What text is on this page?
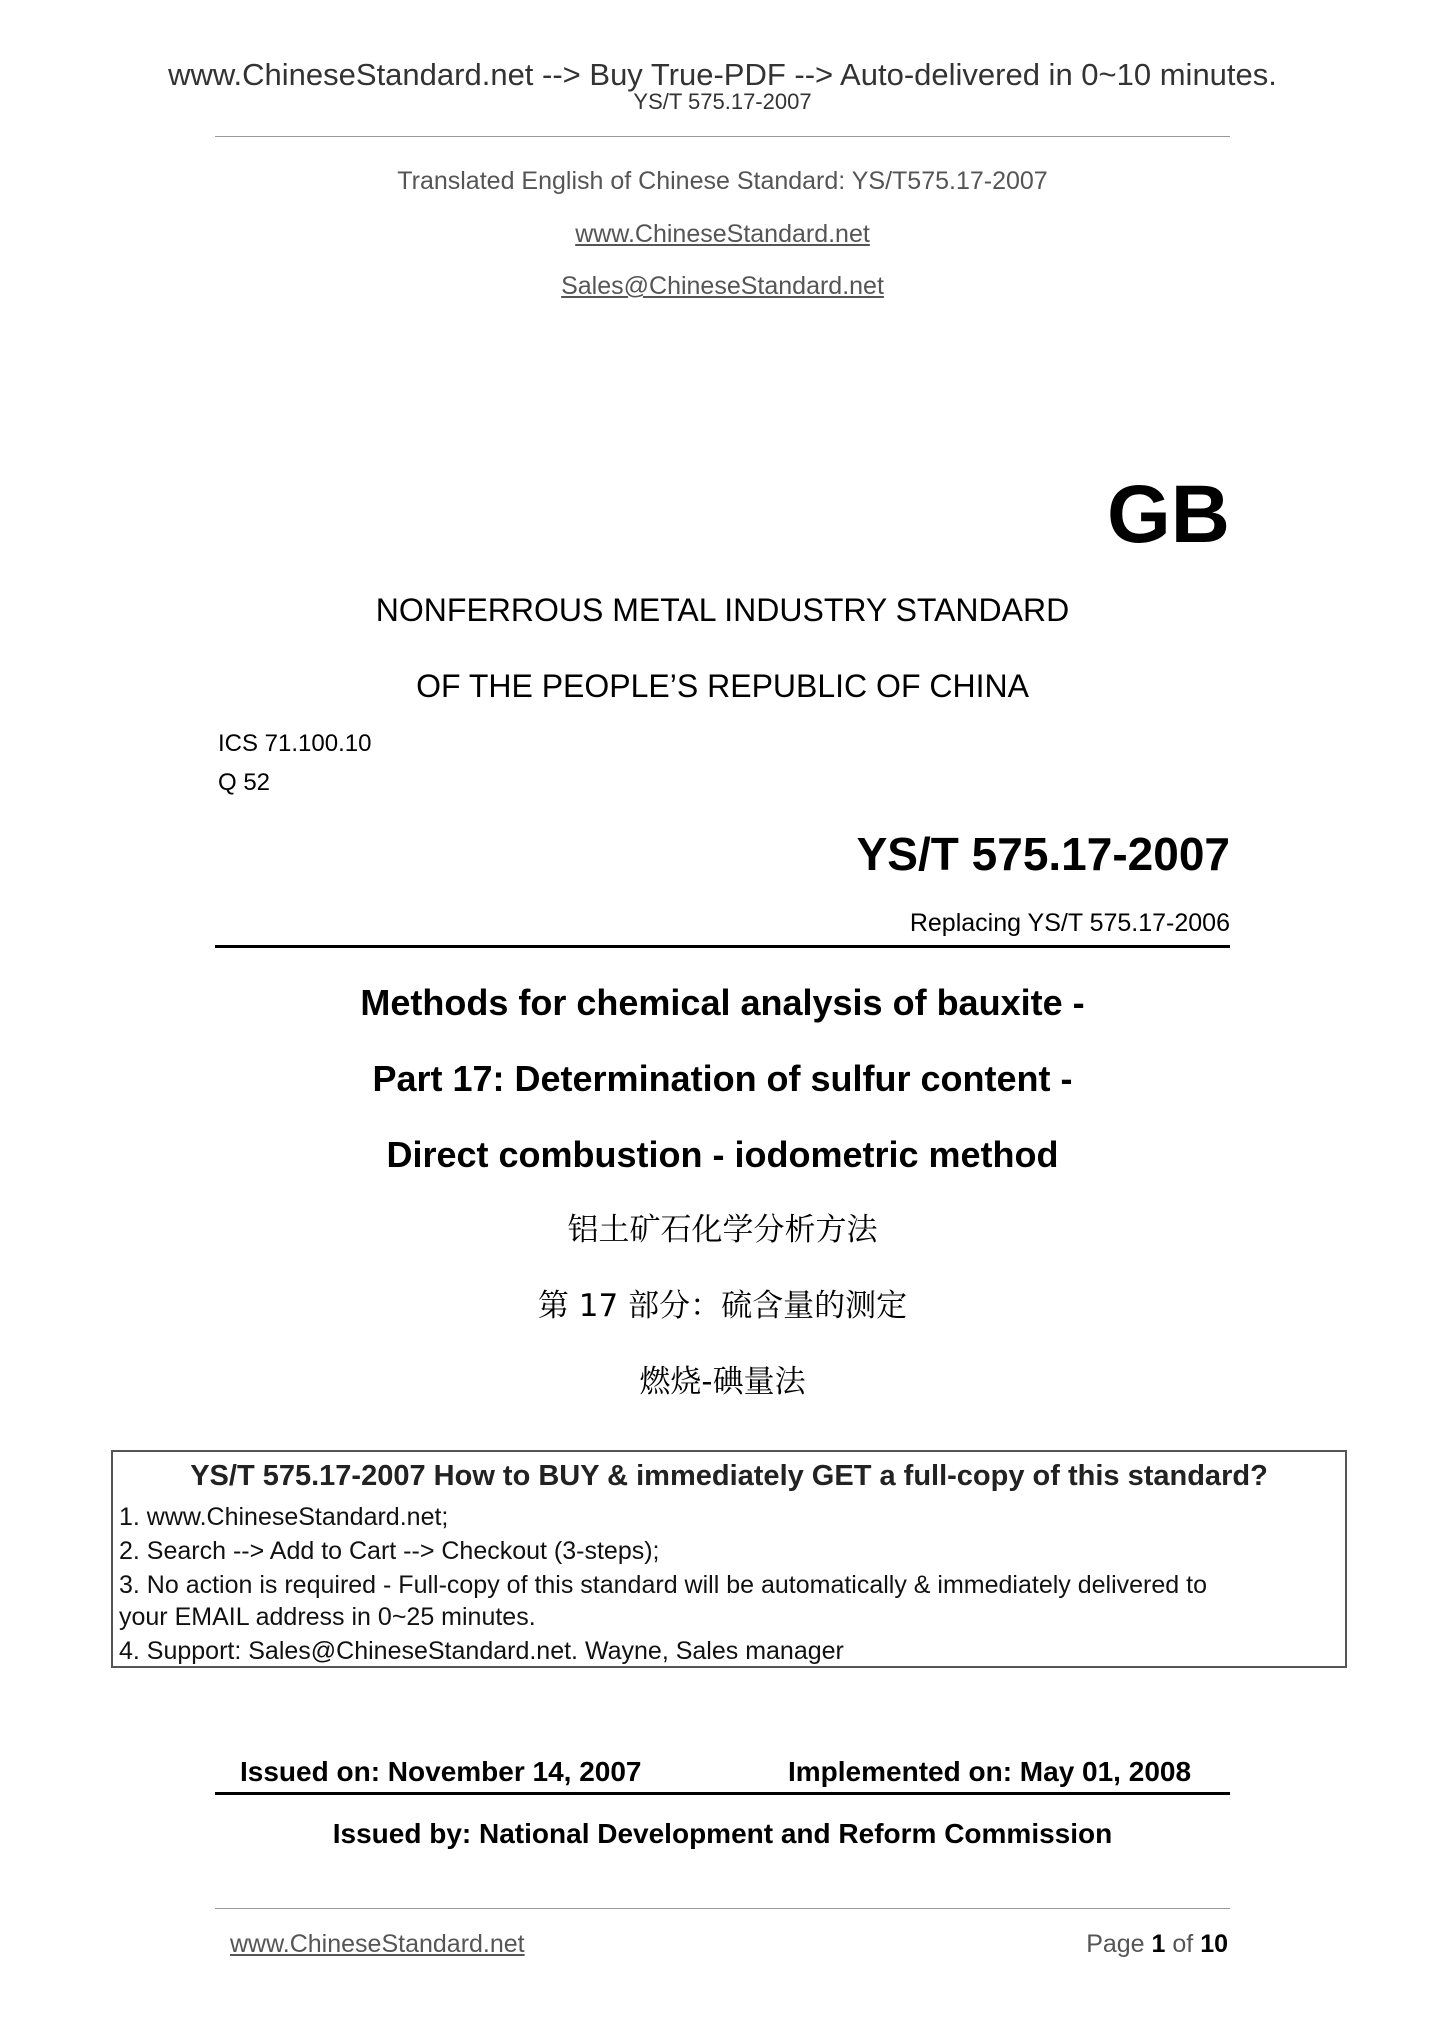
www.ChineseStandard.net --> Buy True-PDF --> Auto-delivered in 0~10 minutes.
YS/T 575.17-2007
Translated English of Chinese Standard: YS/T575.17-2007
www.ChineseStandard.net
Sales@ChineseStandard.net
GB
NONFERROUS METAL INDUSTRY STANDARD
OF THE PEOPLE’S REPUBLIC OF CHINA
ICS 71.100.10
Q 52
YS/T 575.17-2007
Replacing YS/T 575.17-2006
Methods for chemical analysis of bauxite -
Part 17: Determination of sulfur content -
Direct combustion - iodometric method
铝土矿石化学分析方法
第 17 部分：硫含量的测定
燃烧-碘量法
YS/T 575.17-2007 How to BUY & immediately GET a full-copy of this standard?
1. www.ChineseStandard.net;
2. Search --> Add to Cart --> Checkout (3-steps);
3. No action is required - Full-copy of this standard will be automatically & immediately delivered to
your EMAIL address in 0~25 minutes.
4. Support: Sales@ChineseStandard.net. Wayne, Sales manager
Issued on: November 14, 2007	Implemented on: May 01, 2008
Issued by: National Development and Reform Commission
www.ChineseStandard.net	Page 1 of 10
